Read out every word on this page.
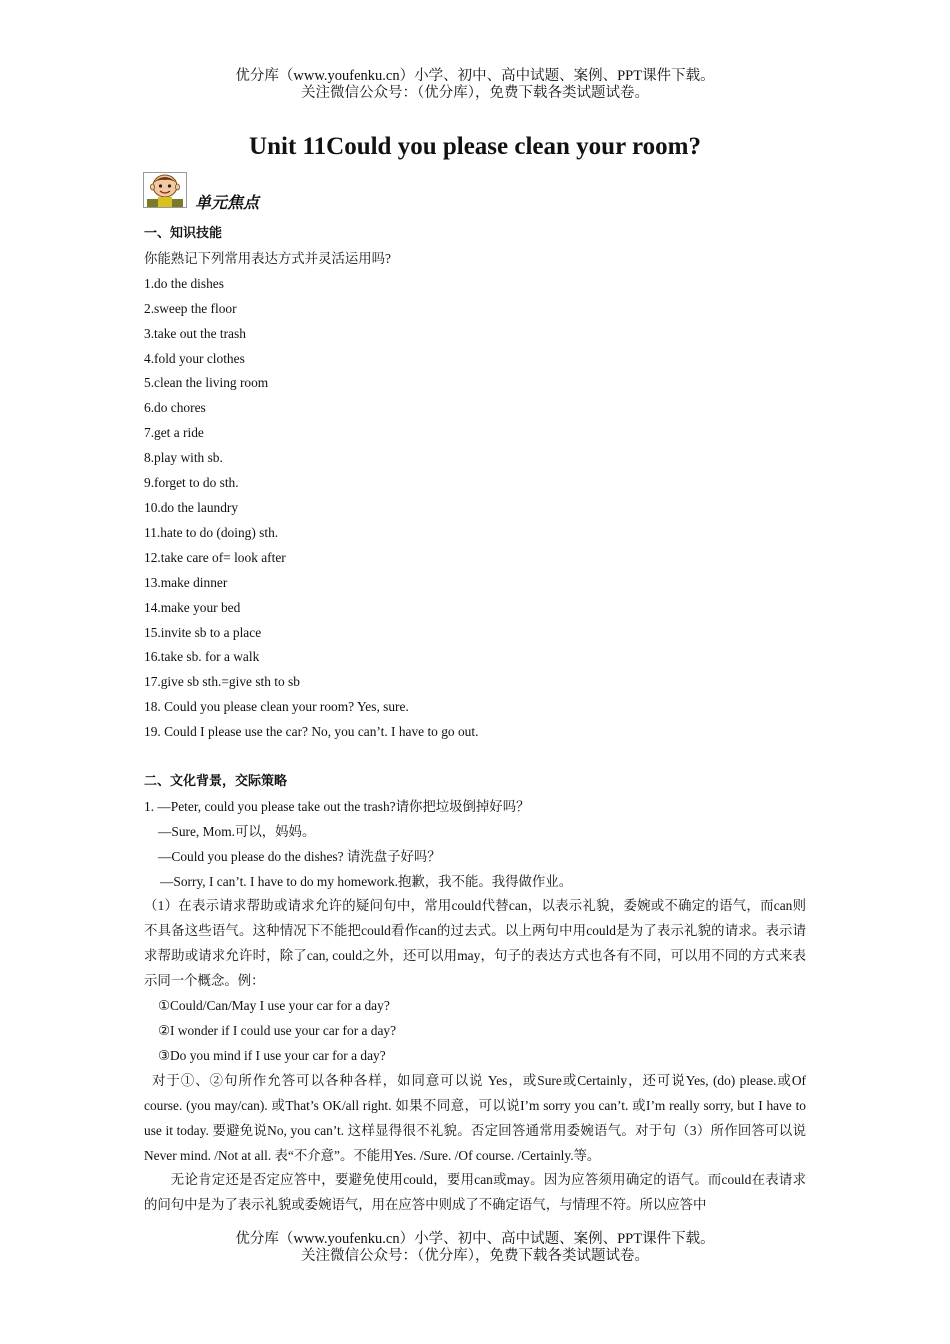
优分库（www.youfenku.cn）小学、初中、高中试题、案例、PPT课件下载。
关注微信公众号：（优分库），免费下载各类试题试卷。
Unit 11Could you please clean your room?
单元焦点
一、知识技能
你能熟记下列常用表达方式并灵活运用吗?
1.do the dishes
2.sweep the floor
3.take out the trash
4.fold your clothes
5.clean the living room
6.do chores
7.get a ride
8.play with sb.
9.forget to do sth.
10.do the laundry
11.hate to do (doing) sth.
12.take care of= look after
13.make dinner
14.make your bed
15.invite sb to a place
16.take sb. for a walk
17.give sb sth.=give sth to sb
18. Could you please clean your room? Yes, sure.
19. Could I please use the car? No, you can’t. I have to go out.
二、文化背景，交际策略
1. —Peter, could you please take out the trash?请你把垃圾倒掉好吗？
—Sure, Mom.可以，妈妈。
—Could you please do the dishes? 请洗盘子好吗？
—Sorry, I can’t. I have to do my homework.抱歉，我不能。我得做作业。
（1）在表示请求帮助或请求允许的疑问句中，常用could代替can，以表示礼貌，委婉或不确定的语气，而can则不具备这些语气。这种情况下不能把could看作can的过去式。以上两句中用could是为了表示礼貌的请求。表示请求帮助或请求允许时，除了can, could之外，还可以用may，句子的表达方式也各有不同，可以用不同的方式来表示同一个概念。例：
①Could/Can/May I use your car for a day?
②I wonder if I could use your car for a day?
③Do you mind if I use your car for a day?
对于①、②句所作允答可以各种各样，如同意可以说 Yes，或Sure或Certainly，还可说Yes, (do) please.或Of course. (you may/can). 或That’s OK/all right. 如果不同意，可以说I’m sorry you can’t. 或I’m really sorry, but I have to use it today. 要避免说No, you can’t. 这样显得很不礼貌。否定回答通常用委婉语气。对于句（3）所作回答可以说Never mind. /Not at all. 表“不介意”。不能用Yes. /Sure. /Of course. /Certainly.等。
无论肯定还是否定应答中，要避免使用could，要用can或may。因为应答须用确定的语气。而could在表请求的问句中是为了表示礼貌或委婉语气，用在应答中则成了不确定语气，与情理不符。所以应答中
优分库（www.youfenku.cn）小学、初中、高中试题、案例、PPT课件下载。
关注微信公众号：（优分库），免费下载各类试题试卷。
